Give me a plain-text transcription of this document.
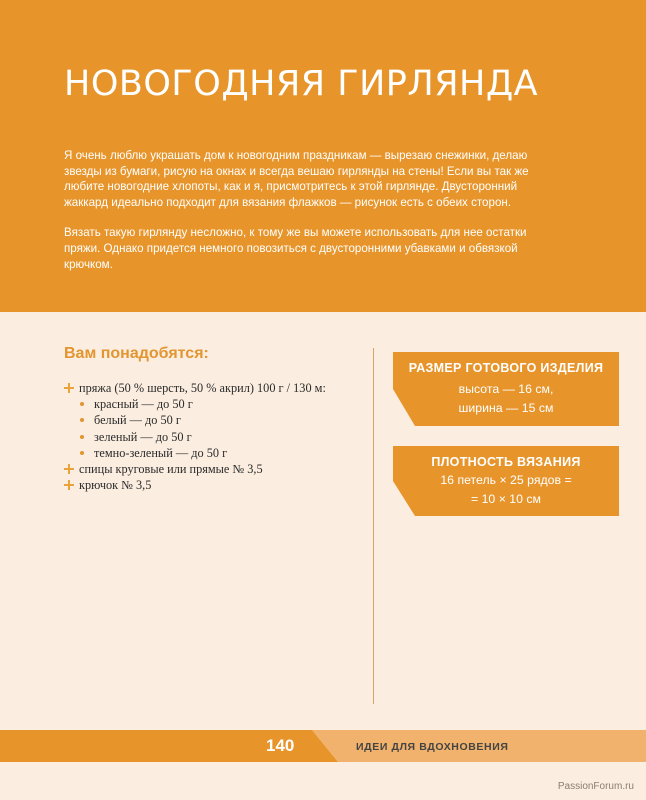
НОВОГОДНЯЯ ГИРЛЯНДА

Я очень люблю украшать дом к новогодним праздникам — вырезаю снежинки, делаю звезды из бумаги, рисую на окнах и всегда вешаю гирлянды на стены! Если вы так же любите новогодние хлопоты, как и я, присмотритесь к этой гирлянде. Двусторонний жаккард идеально подходит для вязания флажков — рисунок есть с обеих сторон.

Вязать такую гирлянду несложно, к тому же вы можете использовать для нее остатки пряжи. Однако придется немного повозиться с двусторонними убавками и обвязкой крючком.

Вам понадобятся:
пряжа (50 % шерсть, 50 % акрил) 100 г / 130 м:
красный — до 50 г
белый — до 50 г
зеленый — до 50 г
темно-зеленый — до 50 г
спицы круговые или прямые № 3,5
крючок № 3,5
РАЗМЕР ГОТОВОГО ИЗДЕЛИЯ
высота — 16 см,
ширина — 15 см
ПЛОТНОСТЬ ВЯЗАНИЯ
16 петель × 25 рядов =
= 10 × 10 см
140	ИДЕИ ДЛЯ ВДОХНОВЕНИЯ
PassionForum.ru
